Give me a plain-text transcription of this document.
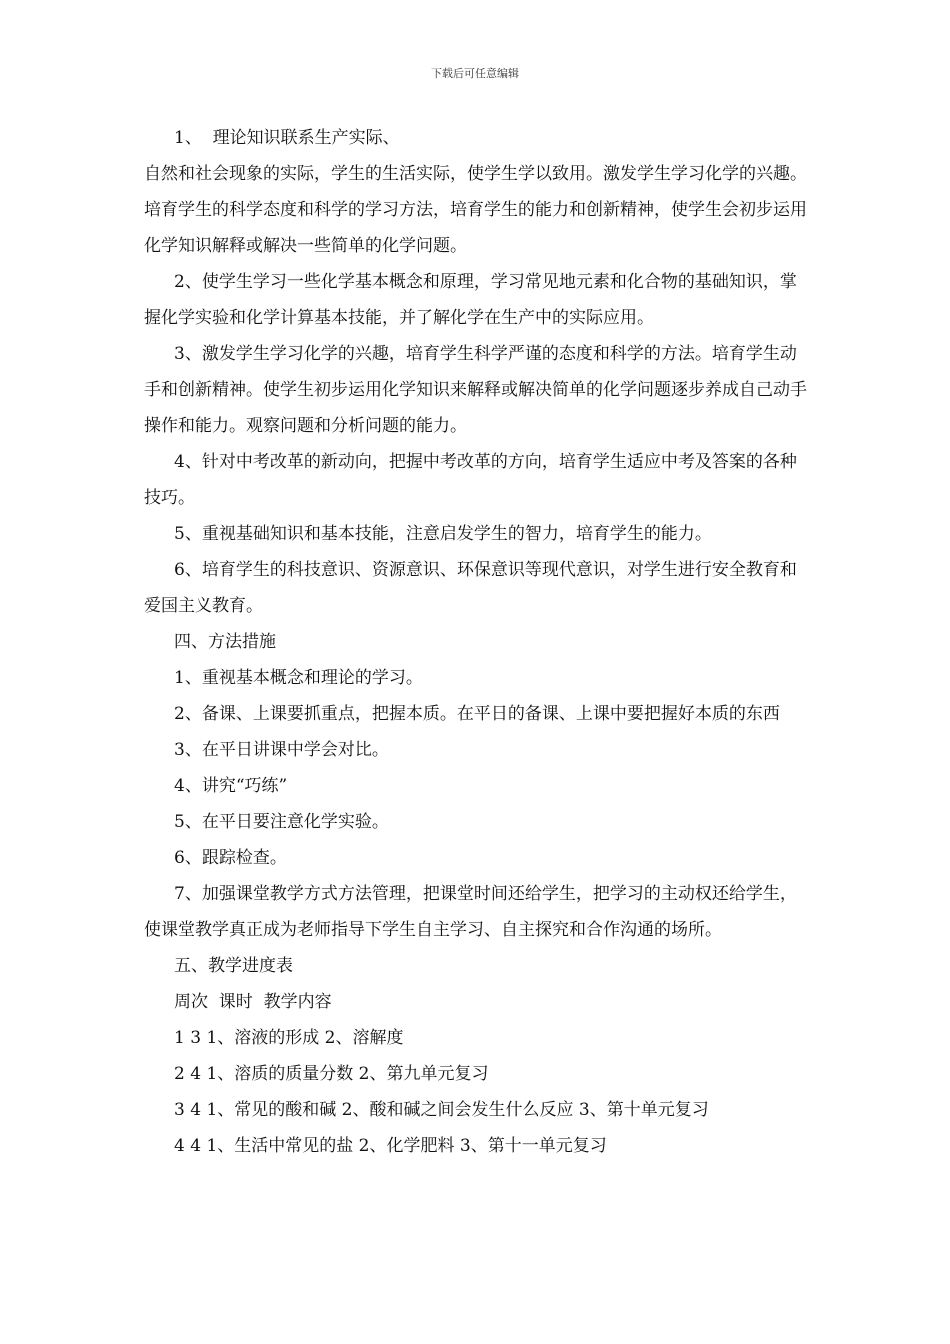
下载后可任意编辑

1、  理论知识联系生产实际、

自然和社会现象的实际，学生的生活实际，使学生学以致用。激发学生学习化学的兴趣。培育学生的科学态度和科学的学习方法，培育学生的能力和创新精神，使学生会初步运用化学知识解释或解决一些简单的化学问题。

2、使学生学习一些化学基本概念和原理，学习常见地元素和化合物的基础知识，掌握化学实验和化学计算基本技能，并了解化学在生产中的实际应用。

3、激发学生学习化学的兴趣，培育学生科学严谨的态度和科学的方法。培育学生动手和创新精神。使学生初步运用化学知识来解释或解决简单的化学问题逐步养成自己动手操作和能力。观察问题和分析问题的能力。

4、针对中考改革的新动向，把握中考改革的方向，培育学生适应中考及答案的各种技巧。

5、重视基础知识和基本技能，注意启发学生的智力，培育学生的能力。

6、培育学生的科技意识、资源意识、环保意识等现代意识，对学生进行安全教育和爱国主义教育。

四、方法措施

1、重视基本概念和理论的学习。

2、备课、上课要抓重点，把握本质。在平日的备课、上课中要把握好本质的东西

3、在平日讲课中学会对比。

4、讲究“巧练”

5、在平日要注意化学实验。

6、跟踪检查。

7、加强课堂教学方式方法管理，把课堂时间还给学生，把学习的主动权还给学生，使课堂教学真正成为老师指导下学生自主学习、自主探究和合作沟通的场所。

五、教学进度表

周次  课时  教学内容

1 3 1、溶液的形成 2、溶解度

2 4 1、溶质的质量分数 2、第九单元复习

3 4 1、常见的酸和碱 2、酸和碱之间会发生什么反应 3、第十单元复习

4 4 1、生活中常见的盐 2、化学肥料 3、第十一单元复习
